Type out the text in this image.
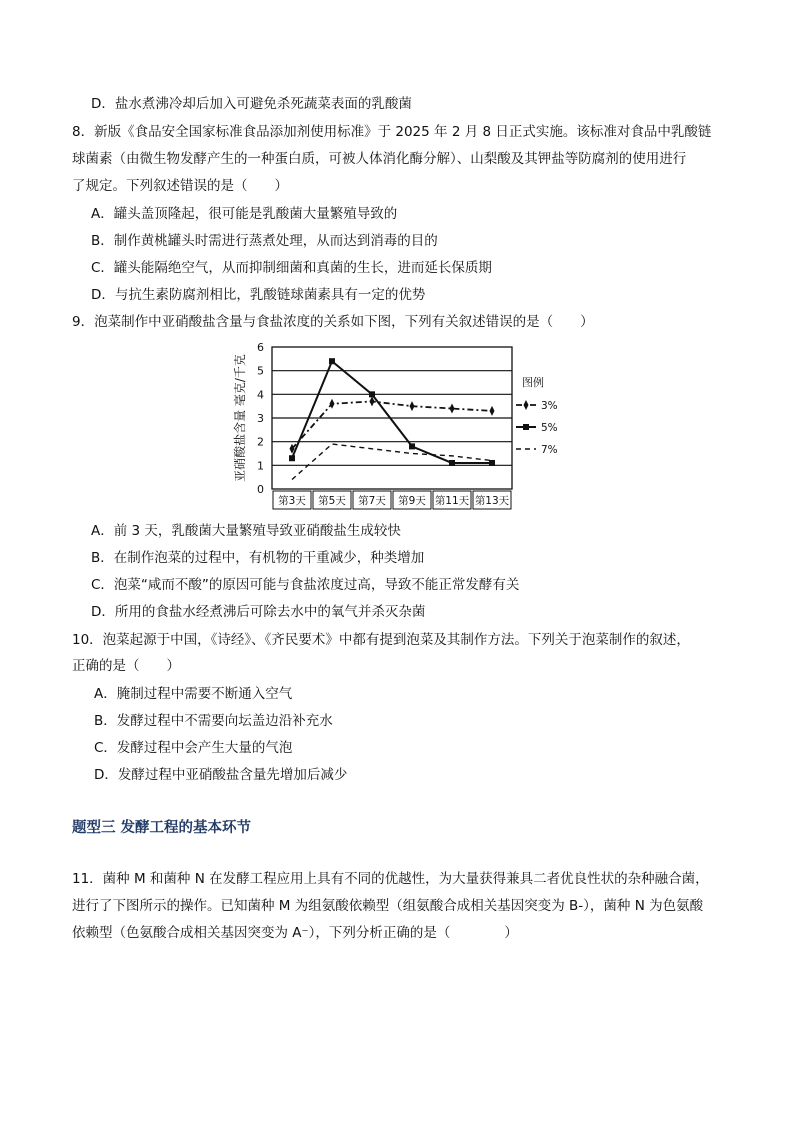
D．盐水煮沸冷却后加入可避免杀死蔬菜表面的乳酸菌
8．新版《食品安全国家标准食品添加剂使用标准》于 2025 年 2 月 8 日正式实施。该标准对食品中乳酸链
球菌素（由微生物发酵产生的一种蛋白质，可被人体消化酶分解）、山梨酸及其钾盐等防腐剂的使用进行
了规定。下列叙述错误的是（　　）
A．罐头盖顶隆起，很可能是乳酸菌大量繁殖导致的
B．制作黄桃罐头时需进行蒸煮处理，从而达到消毒的目的
C．罐头能隔绝空气，从而抑制细菌和真菌的生长，进而延长保质期
D．与抗生素防腐剂相比，乳酸链球菌素具有一定的优势
9．泡菜制作中亚硝酸盐含量与食盐浓度的关系如下图，下列有关叙述错误的是（　　）
0
1
2
3
4
5
6
第3天 第5天 第7天 第9天 第11天 第13天
亚硝酸盐含量 毫克/千克	图例
3%
5%
7%
A．前 3 天，乳酸菌大量繁殖导致亚硝酸盐生成较快
B．在制作泡菜的过程中，有机物的干重减少，种类增加
C．泡菜“咸而不酸”的原因可能与食盐浓度过高，导致不能正常发酵有关
D．所用的食盐水经煮沸后可除去水中的氧气并杀灭杂菌
10．泡菜起源于中国，《诗经》、《齐民要术》中都有提到泡菜及其制作方法。下列关于泡菜制作的叙述，
正确的是（　　）
A．腌制过程中需要不断通入空气
B．发酵过程中不需要向坛盖边沿补充水
C．发酵过程中会产生大量的气泡
D．发酵过程中亚硝酸盐含量先增加后减少
题型三 发酵工程的基本环节
11．菌种 M 和菌种 N 在发酵工程应用上具有不同的优越性，为大量获得兼具二者优良性状的杂种融合菌，
进行了下图所示的操作。已知菌种 M 为组氨酸依赖型（组氨酸合成相关基因突变为 B-），菌种 N 为色氨酸
依赖型（色氨酸合成相关基因突变为 A⁻），下列分析正确的是（　　　　）
